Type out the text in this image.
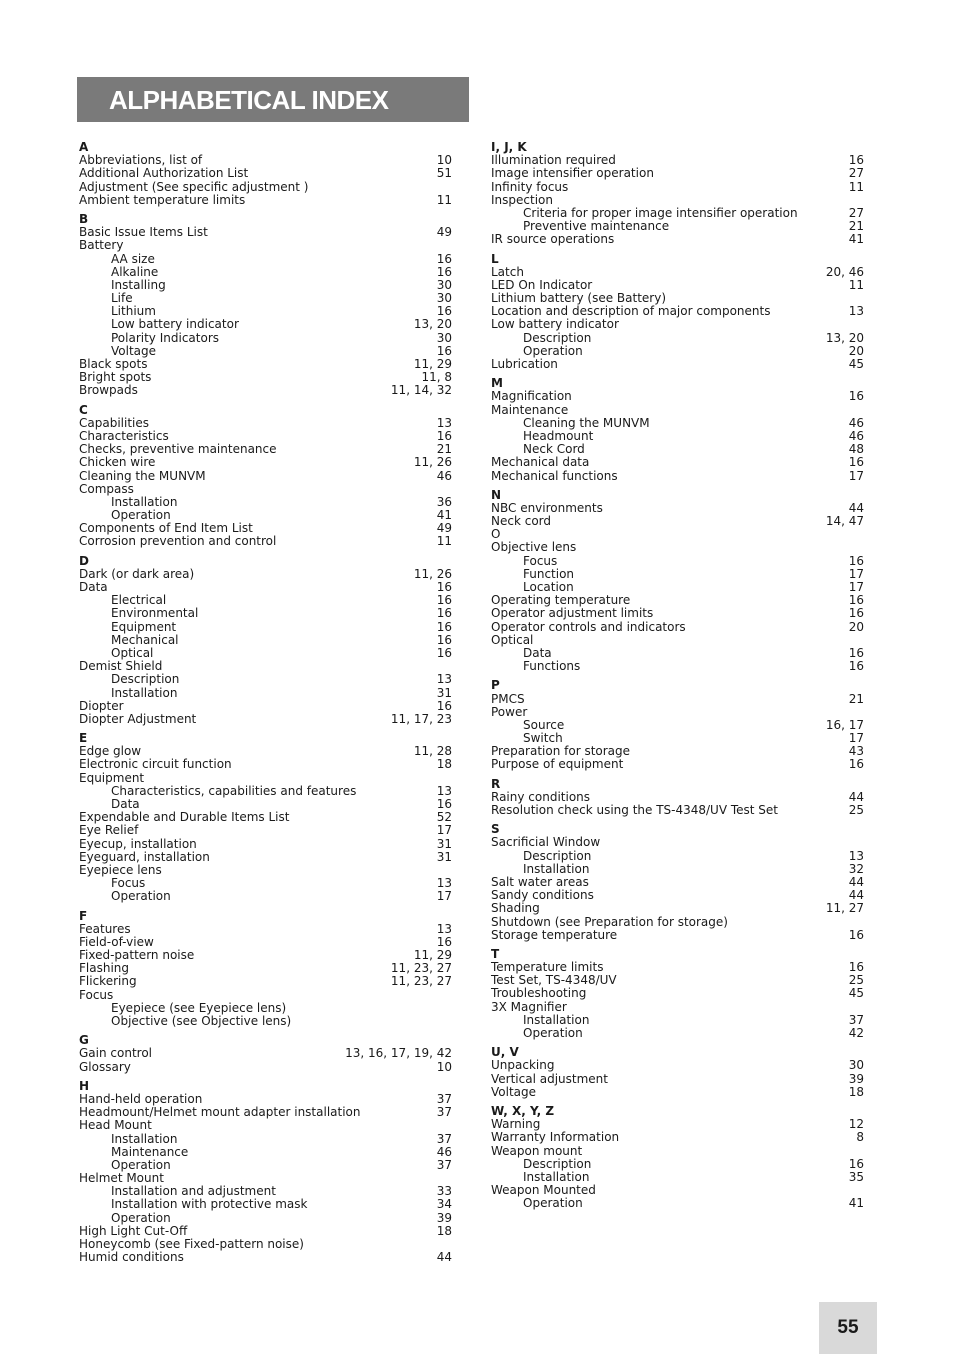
ALPHABETICAL INDEX
A
Abbreviations, list of	10
Additional Authorization List	51
Adjustment (See specific adjustment )
Ambient temperature limits	11
B
Basic Issue Items List	49
Battery
AA size	16
Alkaline	16
Installing	30
Life	30
Lithium	16
Low battery indicator	13, 20
Polarity Indicators	30
Voltage	16
Black spots	11, 29
Bright spots	11, 8
Browpads	11, 14, 32
C
Capabilities	13
Characteristics	16
Checks, preventive maintenance	21
Chicken wire	11, 26
Cleaning the MUNVM	46
Compass
Installation	36
Operation	41
Components of End Item List	49
Corrosion prevention and control	11
D
Dark (or dark area)	11, 26
Data	16
Electrical	16
Environmental	16
Equipment	16
Mechanical	16
Optical	16
Demist Shield
Description	13
Installation	31
Diopter	16
Diopter Adjustment	11, 17, 23
E
Edge glow	11, 28
Electronic circuit function	18
Equipment
Characteristics, capabilities and features	13
Data	16
Expendable and Durable Items List	52
Eye Relief	17
Eyecup, installation	31
Eyeguard, installation	31
Eyepiece lens
Focus	13
Operation	17
F
Features	13
Field-of-view	16
Fixed-pattern noise	11, 29
Flashing	11, 23, 27
Flickering	11, 23, 27
Focus
Eyepiece (see Eyepiece lens)
Objective (see Objective lens)
G
Gain control	13, 16, 17, 19, 42
Glossary	10
H
Hand-held operation	37
Headmount/Helmet mount adapter installation	37
Head Mount
Installation	37
Maintenance	46
Operation	37
Helmet Mount
Installation and adjustment	33
Installation with protective mask	34
Operation	39
High Light Cut-Off	18
Honeycomb (see Fixed-pattern noise)
Humid conditions	44
I, J, K
Illumination required	16
Image intensifier operation	27
Infinity focus	11
Inspection
Criteria for proper image intensifier operation	27
Preventive maintenance	21
IR source operations	41
L
Latch	20, 46
LED On Indicator	11
Lithium battery (see Battery)
Location and description of major components	13
Low battery indicator
Description	13, 20
Operation	20
Lubrication	45
M
Magnification	16
Maintenance
Cleaning the MUNVM	46
Headmount	46
Neck Cord	48
Mechanical data	16
Mechanical functions	17
N
NBC environments	44
Neck cord	14, 47
O
Objective lens
Focus	16
Function	17
Location	17
Operating temperature	16
Operator adjustment limits	16
Operator controls and indicators	20
Optical
Data	16
Functions	16
P
PMCS	21
Power
Source	16, 17
Switch	17
Preparation for storage	43
Purpose of equipment	16
R
Rainy conditions	44
Resolution check using the TS-4348/UV Test Set	25
S
Sacrificial Window
Description	13
Installation	32
Salt water areas	44
Sandy conditions	44
Shading	11, 27
Shutdown (see Preparation for storage)
Storage temperature	16
T
Temperature limits	16
Test Set, TS-4348/UV	25
Troubleshooting	45
3X Magnifier
Installation	37
Operation	42
U, V
Unpacking	30
Vertical adjustment	39
Voltage	18
W, X, Y, Z
Warning	12
Warranty Information	8
Weapon mount
Description	16
Installation	35
Weapon Mounted
Operation	41
55
